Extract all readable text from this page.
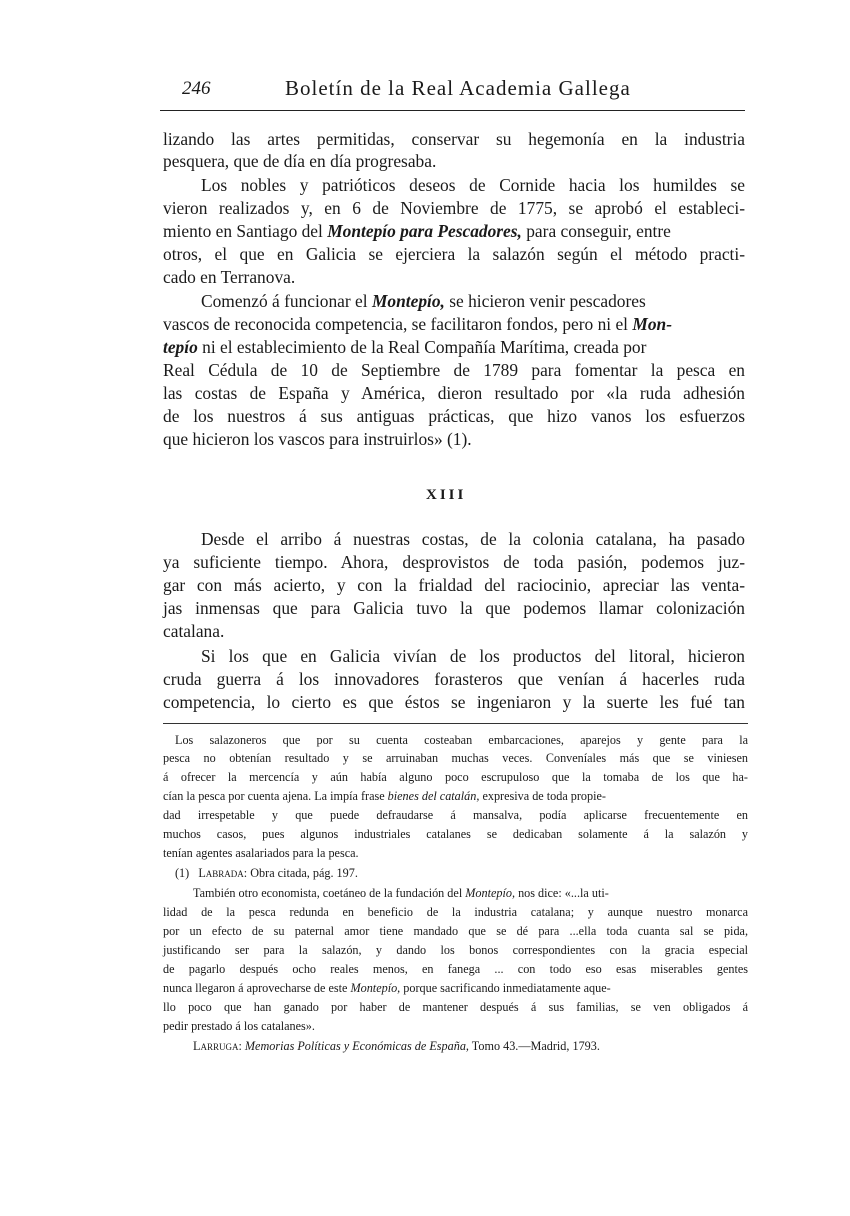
246	Boletín de la Real Academia Gallega
lizando las artes permitidas, conservar su hegemonía en la industria
pesquera, que de día en día progresaba.
Los nobles y patrióticos deseos de Cornide hacia los humildes se
vieron realizados y, en 6 de Noviembre de 1775, se aprobó el estableci-
miento en Santiago del Montepío para Pescadores, para conseguir, entre
otros, el que en Galicia se ejerciera la salazón según el método practi-
cado en Terranova.
Comenzó á funcionar el Montepío, se hicieron venir pescadores
vascos de reconocida competencia, se facilitaron fondos, pero ni el Mon-
tepío ni el establecimiento de la Real Compañía Marítima, creada por
Real Cédula de 10 de Septiembre de 1789 para fomentar la pesca en
las costas de España y América, dieron resultado por «la ruda adhesión
de los nuestros á sus antiguas prácticas, que hizo vanos los esfuerzos
que hicieron los vascos para instruirlos» (1).
XIII
Desde el arribo á nuestras costas, de la colonia catalana, ha pasado
ya suficiente tiempo. Ahora, desprovistos de toda pasión, podemos juz-
gar con más acierto, y con la frialdad del raciocinio, apreciar las venta-
jas inmensas que para Galicia tuvo la que podemos llamar colonización
catalana.
Si los que en Galicia vivían de los productos del litoral, hicieron
cruda guerra á los innovadores forasteros que venían á hacerles ruda
competencia, lo cierto es que éstos se ingeniaron y la suerte les fué tan
Los salazoneros que por su cuenta costeaban embarcaciones, aparejos y gente para la
pesca no obtenían resultado y se arruinaban muchas veces. Conveníales más que se viniesen
á ofrecer la mercencía y aún había alguno poco escrupuloso que la tomaba de los que ha-
cían la pesca por cuenta ajena. La impía frase bienes del catalán, expresiva de toda propie-
dad irrespetable y que puede defraudarse á mansalva, podía aplicarse frecuentemente en
muchos casos, pues algunos industriales catalanes se dedicaban solamente á la salazón y
tenían agentes asalariados para la pesca.
(1) Labrada: Obra citada, pág. 197.
También otro economista, coetáneo de la fundación del Montepío, nos dice: «...la uti-
lidad de la pesca redunda en beneficio de la industria catalana; y aunque nuestro monarca
por un efecto de su paternal amor tiene mandado que se dé para ...ella toda cuanta sal se pida,
justificando ser para la salazón, y dando los bonos correspondientes con la gracia especial
de pagarlo después ocho reales menos, en fanega ... con todo eso esas miserables gentes
nunca llegaron á aprovecharse de este Montepío, porque sacrificando inmediatamente aque-
llo poco que han ganado por haber de mantener después á sus familias, se ven obligados á
pedir prestado á los catalanes».
Larruga: Memorias Políticas y Económicas de España, Tomo 43.—Madrid, 1793.
